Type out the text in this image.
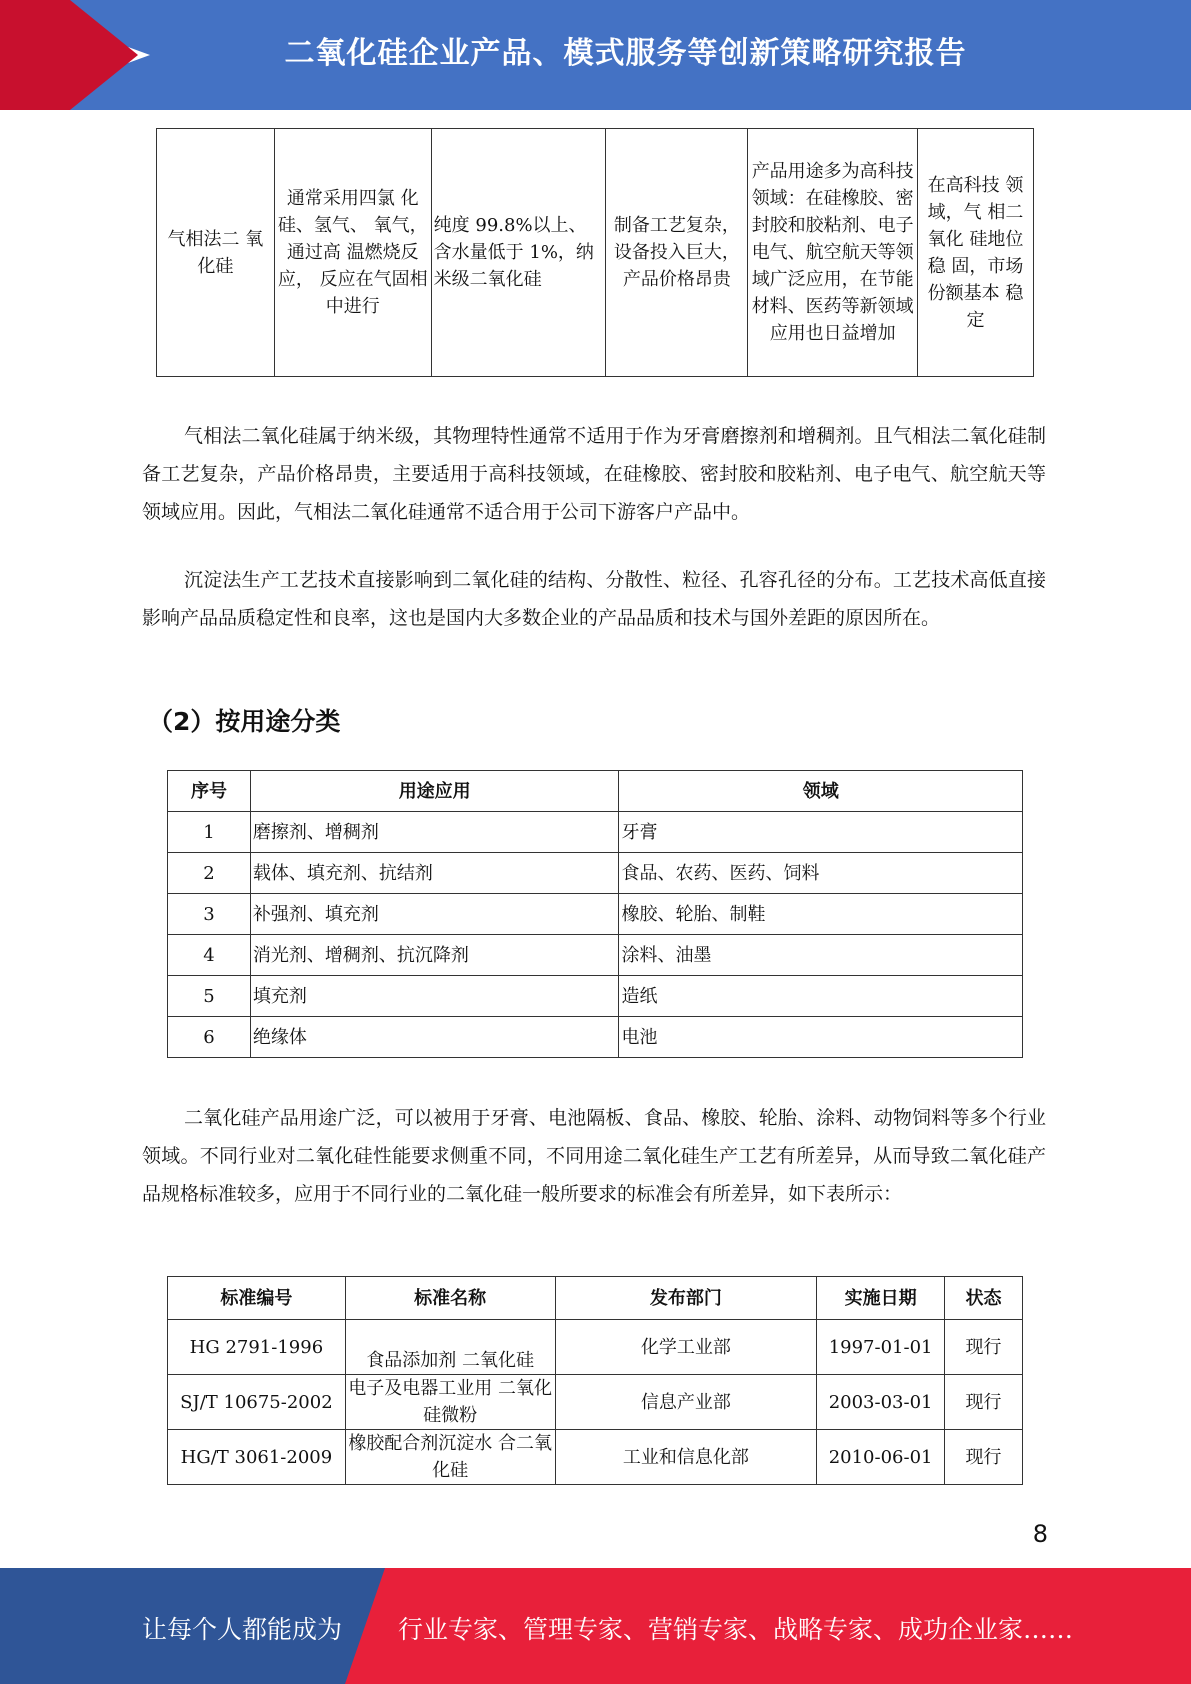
二氧化硅企业产品、模式服务等创新策略研究报告
气相法二 氧化硅	通常采用四氯 化硅、氢气、 氧气，通过高 温燃烧反应， 反应在气固相 中进行	纯度 99.8%以上、含水量低于 1%，纳米级二氧化硅	制备工艺复杂，设备投入巨大，产品价格昂贵	产品用途多为高科技领域：在硅橡胶、密封胶和胶粘剂、电子电气、航空航天等领域广泛应用，在节能材料、医药等新领域应用也日益增加	在高科技 领域，气 相二氧化 硅地位稳 固，市场 份额基本 稳定

气相法二氧化硅属于纳米级，其物理特性通常不适用于作为牙膏磨擦剂和增稠剂。且气相法二氧化硅制备工艺复杂，产品价格昂贵，主要适用于高科技领域，在硅橡胶、密封胶和胶粘剂、电子电气、航空航天等领域应用。因此，气相法二氧化硅通常不适合用于公司下游客户产品中。

沉淀法生产工艺技术直接影响到二氧化硅的结构、分散性、粒径、孔容孔径的分布。工艺技术高低直接影响产品品质稳定性和良率，这也是国内大多数企业的产品品质和技术与国外差距的原因所在。

（2）按用途分类
序号	用途应用	领域
1	磨擦剂、增稠剂	牙膏
2	载体、填充剂、抗结剂	食品、农药、医药、饲料
3	补强剂、填充剂	橡胶、轮胎、制鞋
4	消光剂、增稠剂、抗沉降剂	涂料、油墨
5	填充剂	造纸
6	绝缘体	电池

二氧化硅产品用途广泛，可以被用于牙膏、电池隔板、食品、橡胶、轮胎、涂料、动物饲料等多个行业领域。不同行业对二氧化硅性能要求侧重不同，不同用途二氧化硅生产工艺有所差异，从而导致二氧化硅产品规格标准较多，应用于不同行业的二氧化硅一般所要求的标准会有所差异，如下表所示：

标准编号	标准名称	发布部门	实施日期	状态
HG 2791-1996	食品添加剂 二氧化硅	化学工业部	1997-01-01	现行
SJ/T 10675-2002	电子及电器工业用 二氧化硅微粉	信息产业部	2003-03-01	现行
HG/T 3061-2009	橡胶配合剂沉淀水 合二氧化硅	工业和信息化部	2010-06-01	现行
8
让每个人都能成为 行业专家、管理专家、营销专家、战略专家、成功企业家……
